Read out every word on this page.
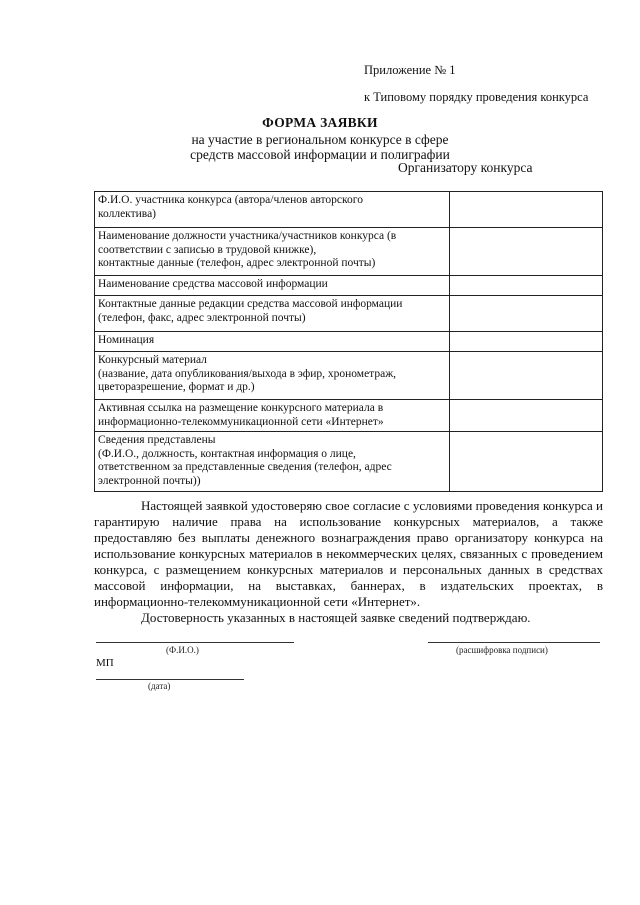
Приложение № 1
к Типовому порядку проведения конкурса
ФОРМА ЗАЯВКИ
на участие в региональном конкурсе в сфере
средств массовой информации и полиграфии
Организатору конкурса
Ф.И.О. участника конкурса (автора/членов авторского
коллектива)	

Наименование должности участника/участников конкурса (в
соответствии с записью в трудовой книжке),
контактные данные (телефон, адрес электронной почты)	

Наименование средства массовой информации	

Контактные данные редакции средства массовой информации
(телефон, факс, адрес электронной почты)	

Номинация	

Конкурсный материал
(название, дата опубликования/выхода в эфир, хронометраж,
цветоразрешение, формат и др.)	

Активная ссылка на размещение конкурсного материала в
информационно-телекоммуникационной сети «Интернет»	

Сведения представлены
(Ф.И.О., должность, контактная информация о лице,
ответственном за представленные сведения (телефон, адрес
электронной почты))	

Настоящей заявкой удостоверяю свое согласие с условиями проведения конкурса и гарантирую наличие права на использование конкурсных материалов, а также предоставляю без выплаты денежного вознаграждения право организатору конкурса на использование конкурсных материалов в некоммерческих целях, связанных с проведением конкурса, с размещением конкурсных материалов и персональных данных в средствах массовой информации, на выставках, баннерах, в издательских проектах, в информационно-телекоммуникационной сети «Интернет».

Достоверность указанных в настоящей заявке сведений подтверждаю.

(Ф.И.О.)	(расшифровка подписи)
МП
(дата)
